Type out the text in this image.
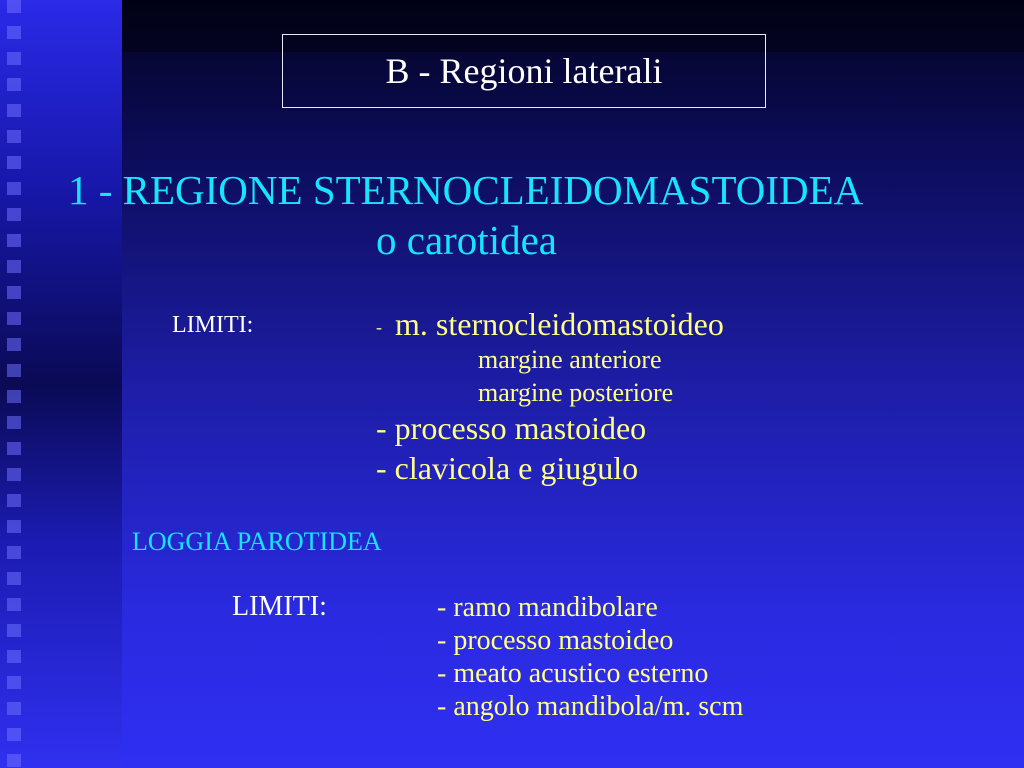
B - Regioni laterali
1 - REGIONE STERNOCLEIDOMASTOIDEA
o carotidea
LIMITI:	- m. sternocleidomastoideo
margine anteriore
margine posteriore
- processo mastoideo
- clavicola e giugulo
LOGGIA PAROTIDEA
LIMITI:	- ramo mandibolare
- processo mastoideo
- meato acustico esterno
- angolo mandibola/m. scm
